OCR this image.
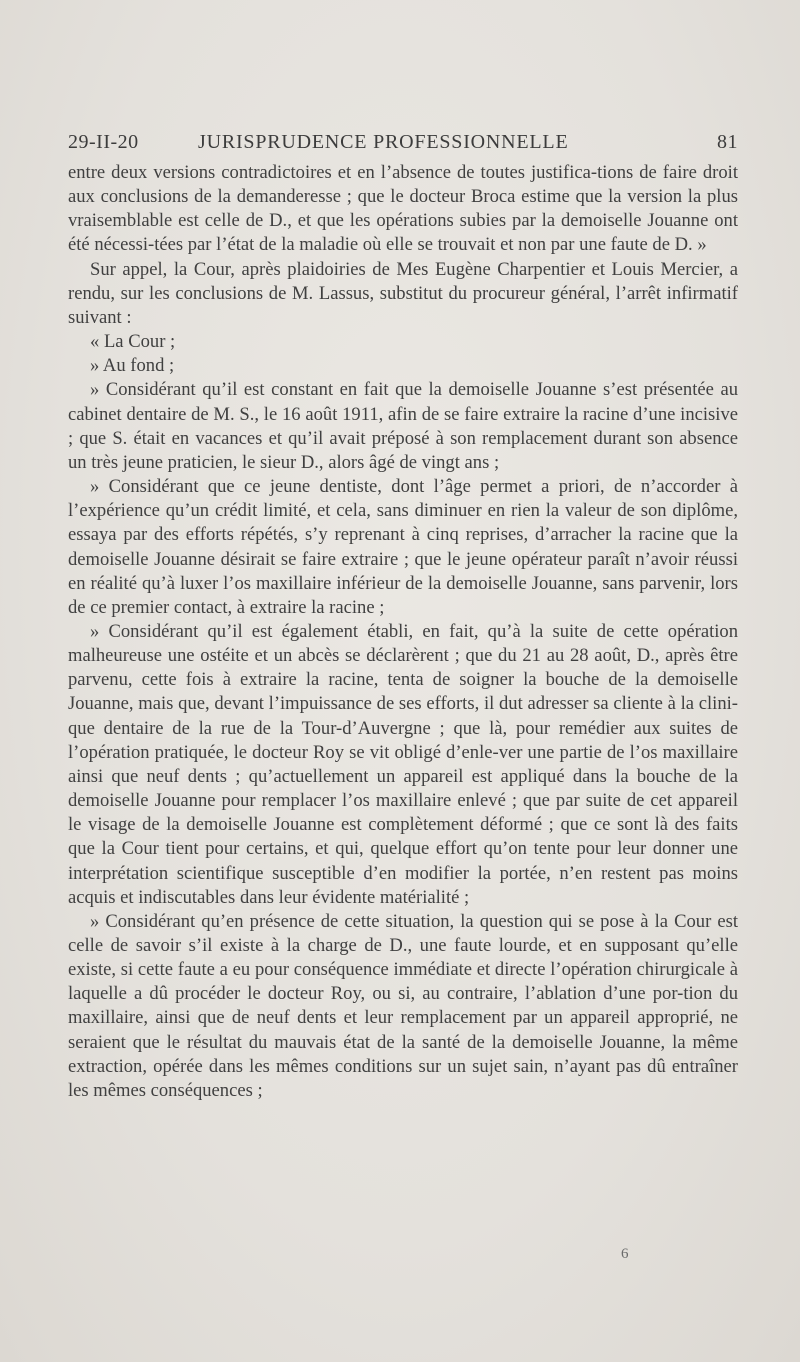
29-II-20	JURISPRUDENCE PROFESSIONNELLE	81

entre deux versions contradictoires et en l’absence de toutes justifica-tions de faire droit aux conclusions de la demanderesse ; que le docteur Broca estime que la version la plus vraisemblable est celle de D., et que les opérations subies par la demoiselle Jouanne ont été nécessi-tées par l’état de la maladie où elle se trouvait et non par une faute de D. »

Sur appel, la Cour, après plaidoiries de Mes Eugène Charpentier et Louis Mercier, a rendu, sur les conclusions de M. Lassus, substitut du procureur général, l’arrêt infirmatif suivant :

« La Cour ;

» Au fond ;

» Considérant qu’il est constant en fait que la demoiselle Jouanne s’est présentée au cabinet dentaire de M. S., le 16 août 1911, afin de se faire extraire la racine d’une incisive ; que S. était en vacances et qu’il avait préposé à son remplacement durant son absence un très jeune praticien, le sieur D., alors âgé de vingt ans ;

» Considérant que ce jeune dentiste, dont l’âge permet a priori, de n’accorder à l’expérience qu’un crédit limité, et cela, sans diminuer en rien la valeur de son diplôme, essaya par des efforts répétés, s’y reprenant à cinq reprises, d’arracher la racine que la demoiselle Jouanne désirait se faire extraire ; que le jeune opérateur paraît n’avoir réussi en réalité qu’à luxer l’os maxillaire inférieur de la demoiselle Jouanne, sans parvenir, lors de ce premier contact, à extraire la racine ;

» Considérant qu’il est également établi, en fait, qu’à la suite de cette opération malheureuse une ostéite et un abcès se déclarèrent ; que du 21 au 28 août, D., après être parvenu, cette fois à extraire la racine, tenta de soigner la bouche de la demoiselle Jouanne, mais que, devant l’impuissance de ses efforts, il dut adresser sa cliente à la clini-que dentaire de la rue de la Tour-d’Auvergne ; que là, pour remédier aux suites de l’opération pratiquée, le docteur Roy se vit obligé d’enle-ver une partie de l’os maxillaire ainsi que neuf dents ; qu’actuellement un appareil est appliqué dans la bouche de la demoiselle Jouanne pour remplacer l’os maxillaire enlevé ; que par suite de cet appareil le visage de la demoiselle Jouanne est complètement déformé ; que ce sont là des faits que la Cour tient pour certains, et qui, quelque effort qu’on tente pour leur donner une interprétation scientifique susceptible d’en modifier la portée, n’en restent pas moins acquis et indiscutables dans leur évidente matérialité ;

» Considérant qu’en présence de cette situation, la question qui se pose à la Cour est celle de savoir s’il existe à la charge de D., une faute lourde, et en supposant qu’elle existe, si cette faute a eu pour conséquence immédiate et directe l’opération chirurgicale à laquelle a dû procéder le docteur Roy, ou si, au contraire, l’ablation d’une por-tion du maxillaire, ainsi que de neuf dents et leur remplacement par un appareil approprié, ne seraient que le résultat du mauvais état de la santé de la demoiselle Jouanne, la même extraction, opérée dans les mêmes conditions sur un sujet sain, n’ayant pas dû entraîner les mêmes conséquences ;

6
